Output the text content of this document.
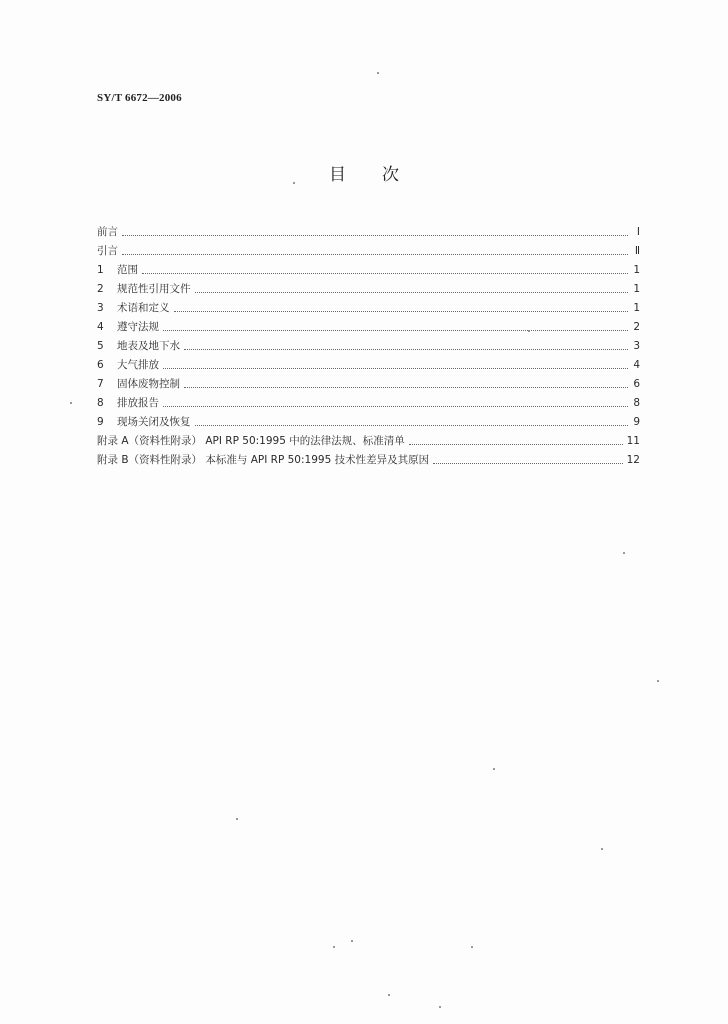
SY/T 6672—2006
目 次
前言	Ⅰ
引言	Ⅱ
1	范围	1
2	规范性引用文件	1
3	术语和定义	1
4	遵守法规	2
5	地表及地下水	3
6	大气排放	4
7	固体废物控制	6
8	排放报告	8
9	现场关闭及恢复	9
附录 A（资料性附录） API RP 50:1995 中的法律法规、标准清单	11
附录 B（资料性附录） 本标准与 API RP 50:1995 技术性差异及其原因	12
